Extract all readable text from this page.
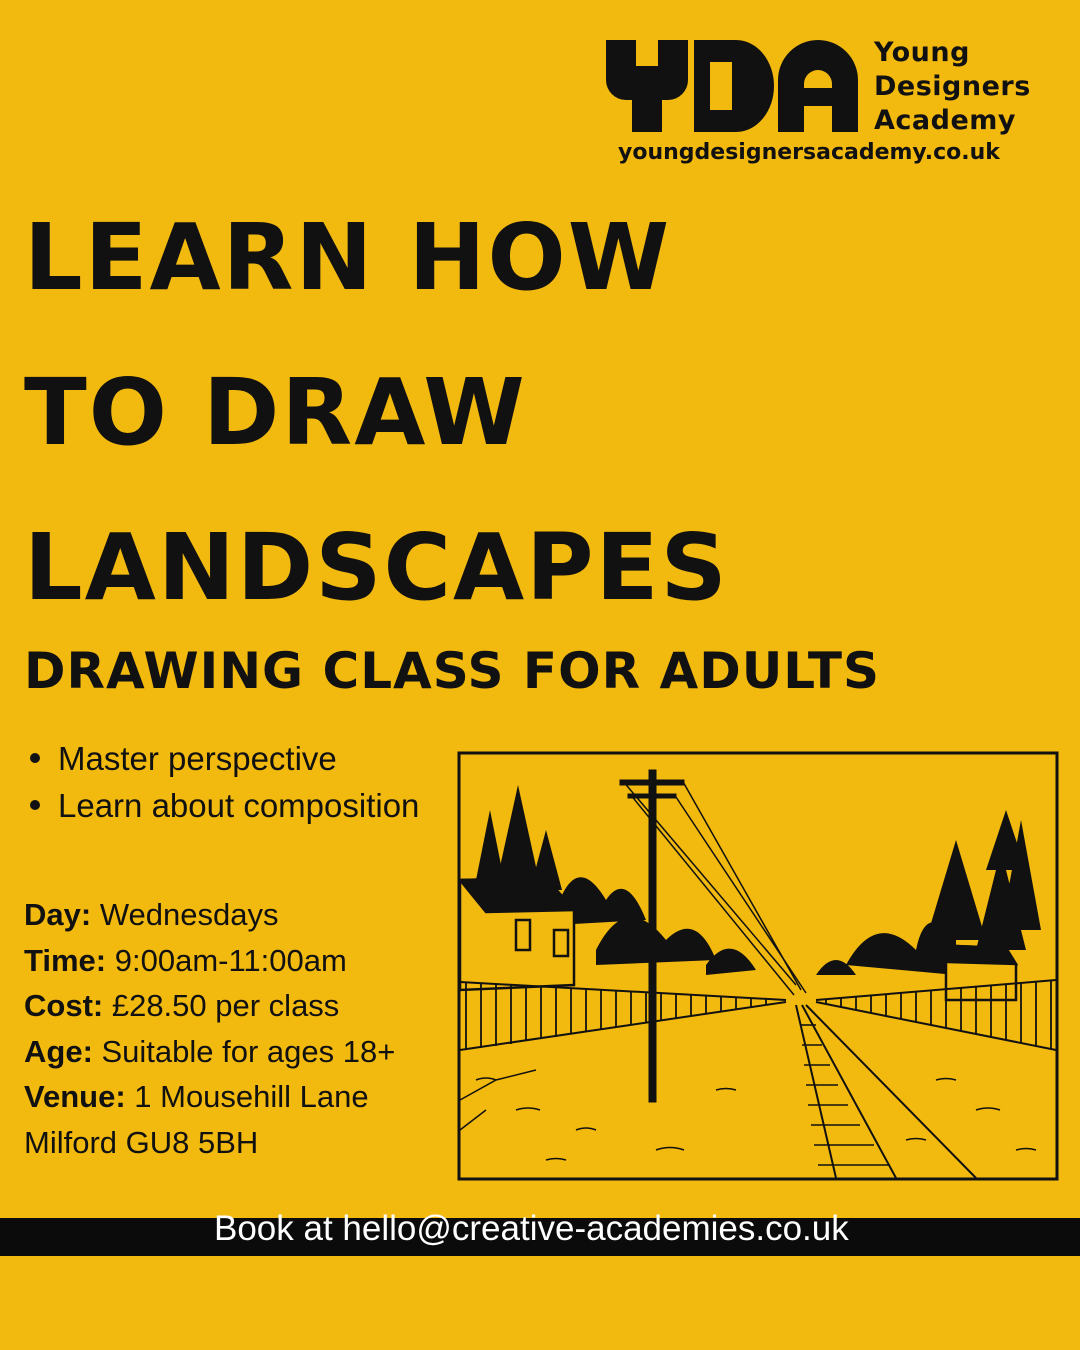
Young
Designers
Academy
youngdesignersacademy.co.uk
LEARN HOW
TO DRAW
LANDSCAPES
DRAWING CLASS FOR ADULTS
Master perspective
Learn about composition
Day: Wednesdays
Time: 9:00am-11:00am
Cost: £28.50 per class
Age: Suitable for ages 18+
Venue: 1 Mousehill Lane
Milford GU8 5BH
Book at hello@creative-academies.co.uk
